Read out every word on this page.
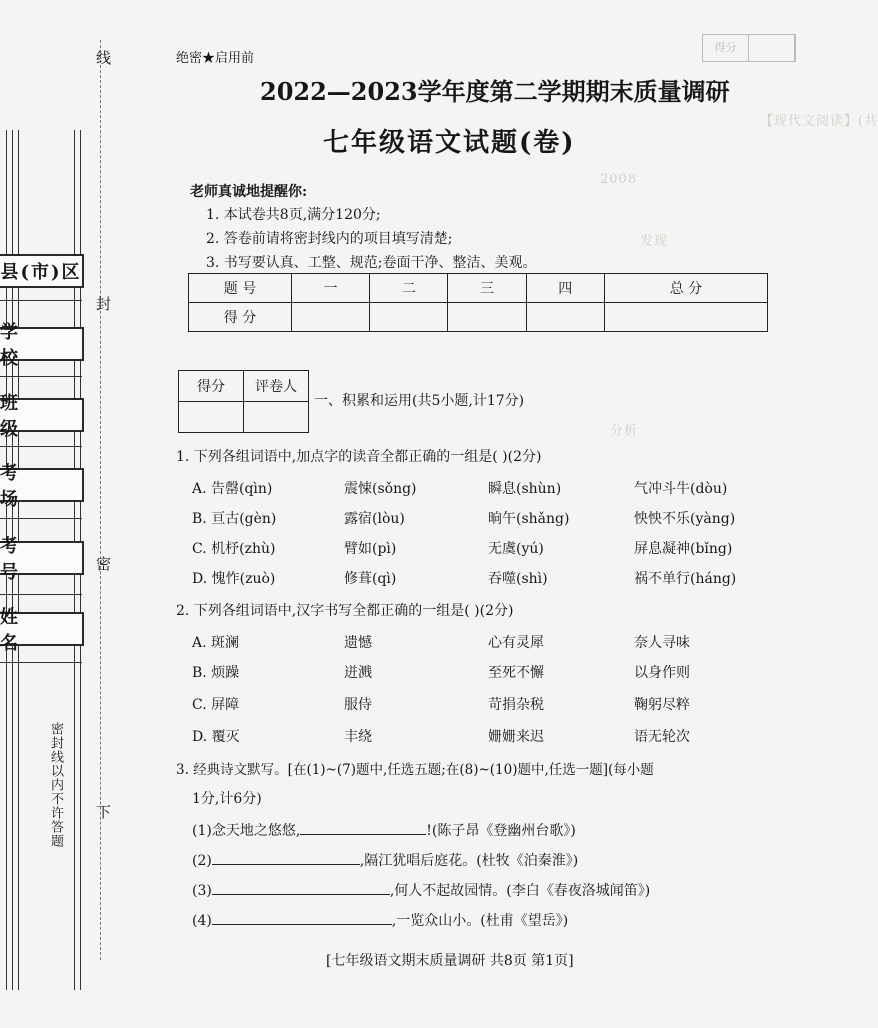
【现代文阅读】(共
2008
发现
分析
线
封
密
下
县(市)区
学 校
班 级
考 场
考 号
姓 名
密封线以内不许答题
得分
绝密★启用前
2022—2023学年度第二学期期末质量调研
七年级语文试题(卷)
老师真诚地提醒你:
1. 本试卷共8页,满分120分;
2. 答卷前请将密封线内的项目填写清楚;
3. 书写要认真、工整、规范;卷面干净、整洁、美观。
题 号	一	二	三	四	总 分
得 分					
得分	评卷人

一、积累和运用(共5小题,计17分)
1. 下列各组词语中,加点字的读音全都正确的一组是( )(2分)
A. 告罄(qìn)	震悚(sǒng)	瞬息(shùn)	气冲斗牛(dòu)
B. 亘古(gèn)	露宿(lòu)	晌午(shǎng)	怏怏不乐(yàng)
C. 机杼(zhù)	臂如(pì)	无虞(yú)	屏息凝神(bǐng)
D. 愧怍(zuò)	修葺(qì)	吞噬(shì)	祸不单行(háng)
2. 下列各组词语中,汉字书写全都正确的一组是( )(2分)
A. 斑澜	遗憾	心有灵犀	奈人寻味
B. 烦躁	迸溅	至死不懈	以身作则
C. 屏障	服侍	苛捐杂税	鞠躬尽粹
D. 覆灭	丰绕	姗姗来迟	语无轮次
3. 经典诗文默写。[在(1)~(7)题中,任选五题;在(8)~(10)题中,任选一题](每小题
1分,计6分)
(1)念天地之悠悠,	!(陈子昂《登幽州台歌》)
(2)	,隔江犹唱后庭花。(杜牧《泊秦淮》)
(3)	,何人不起故园情。(李白《春夜洛城闻笛》)
(4)	,一览众山小。(杜甫《望岳》)
[七年级语文期末质量调研 共8页 第1页]
